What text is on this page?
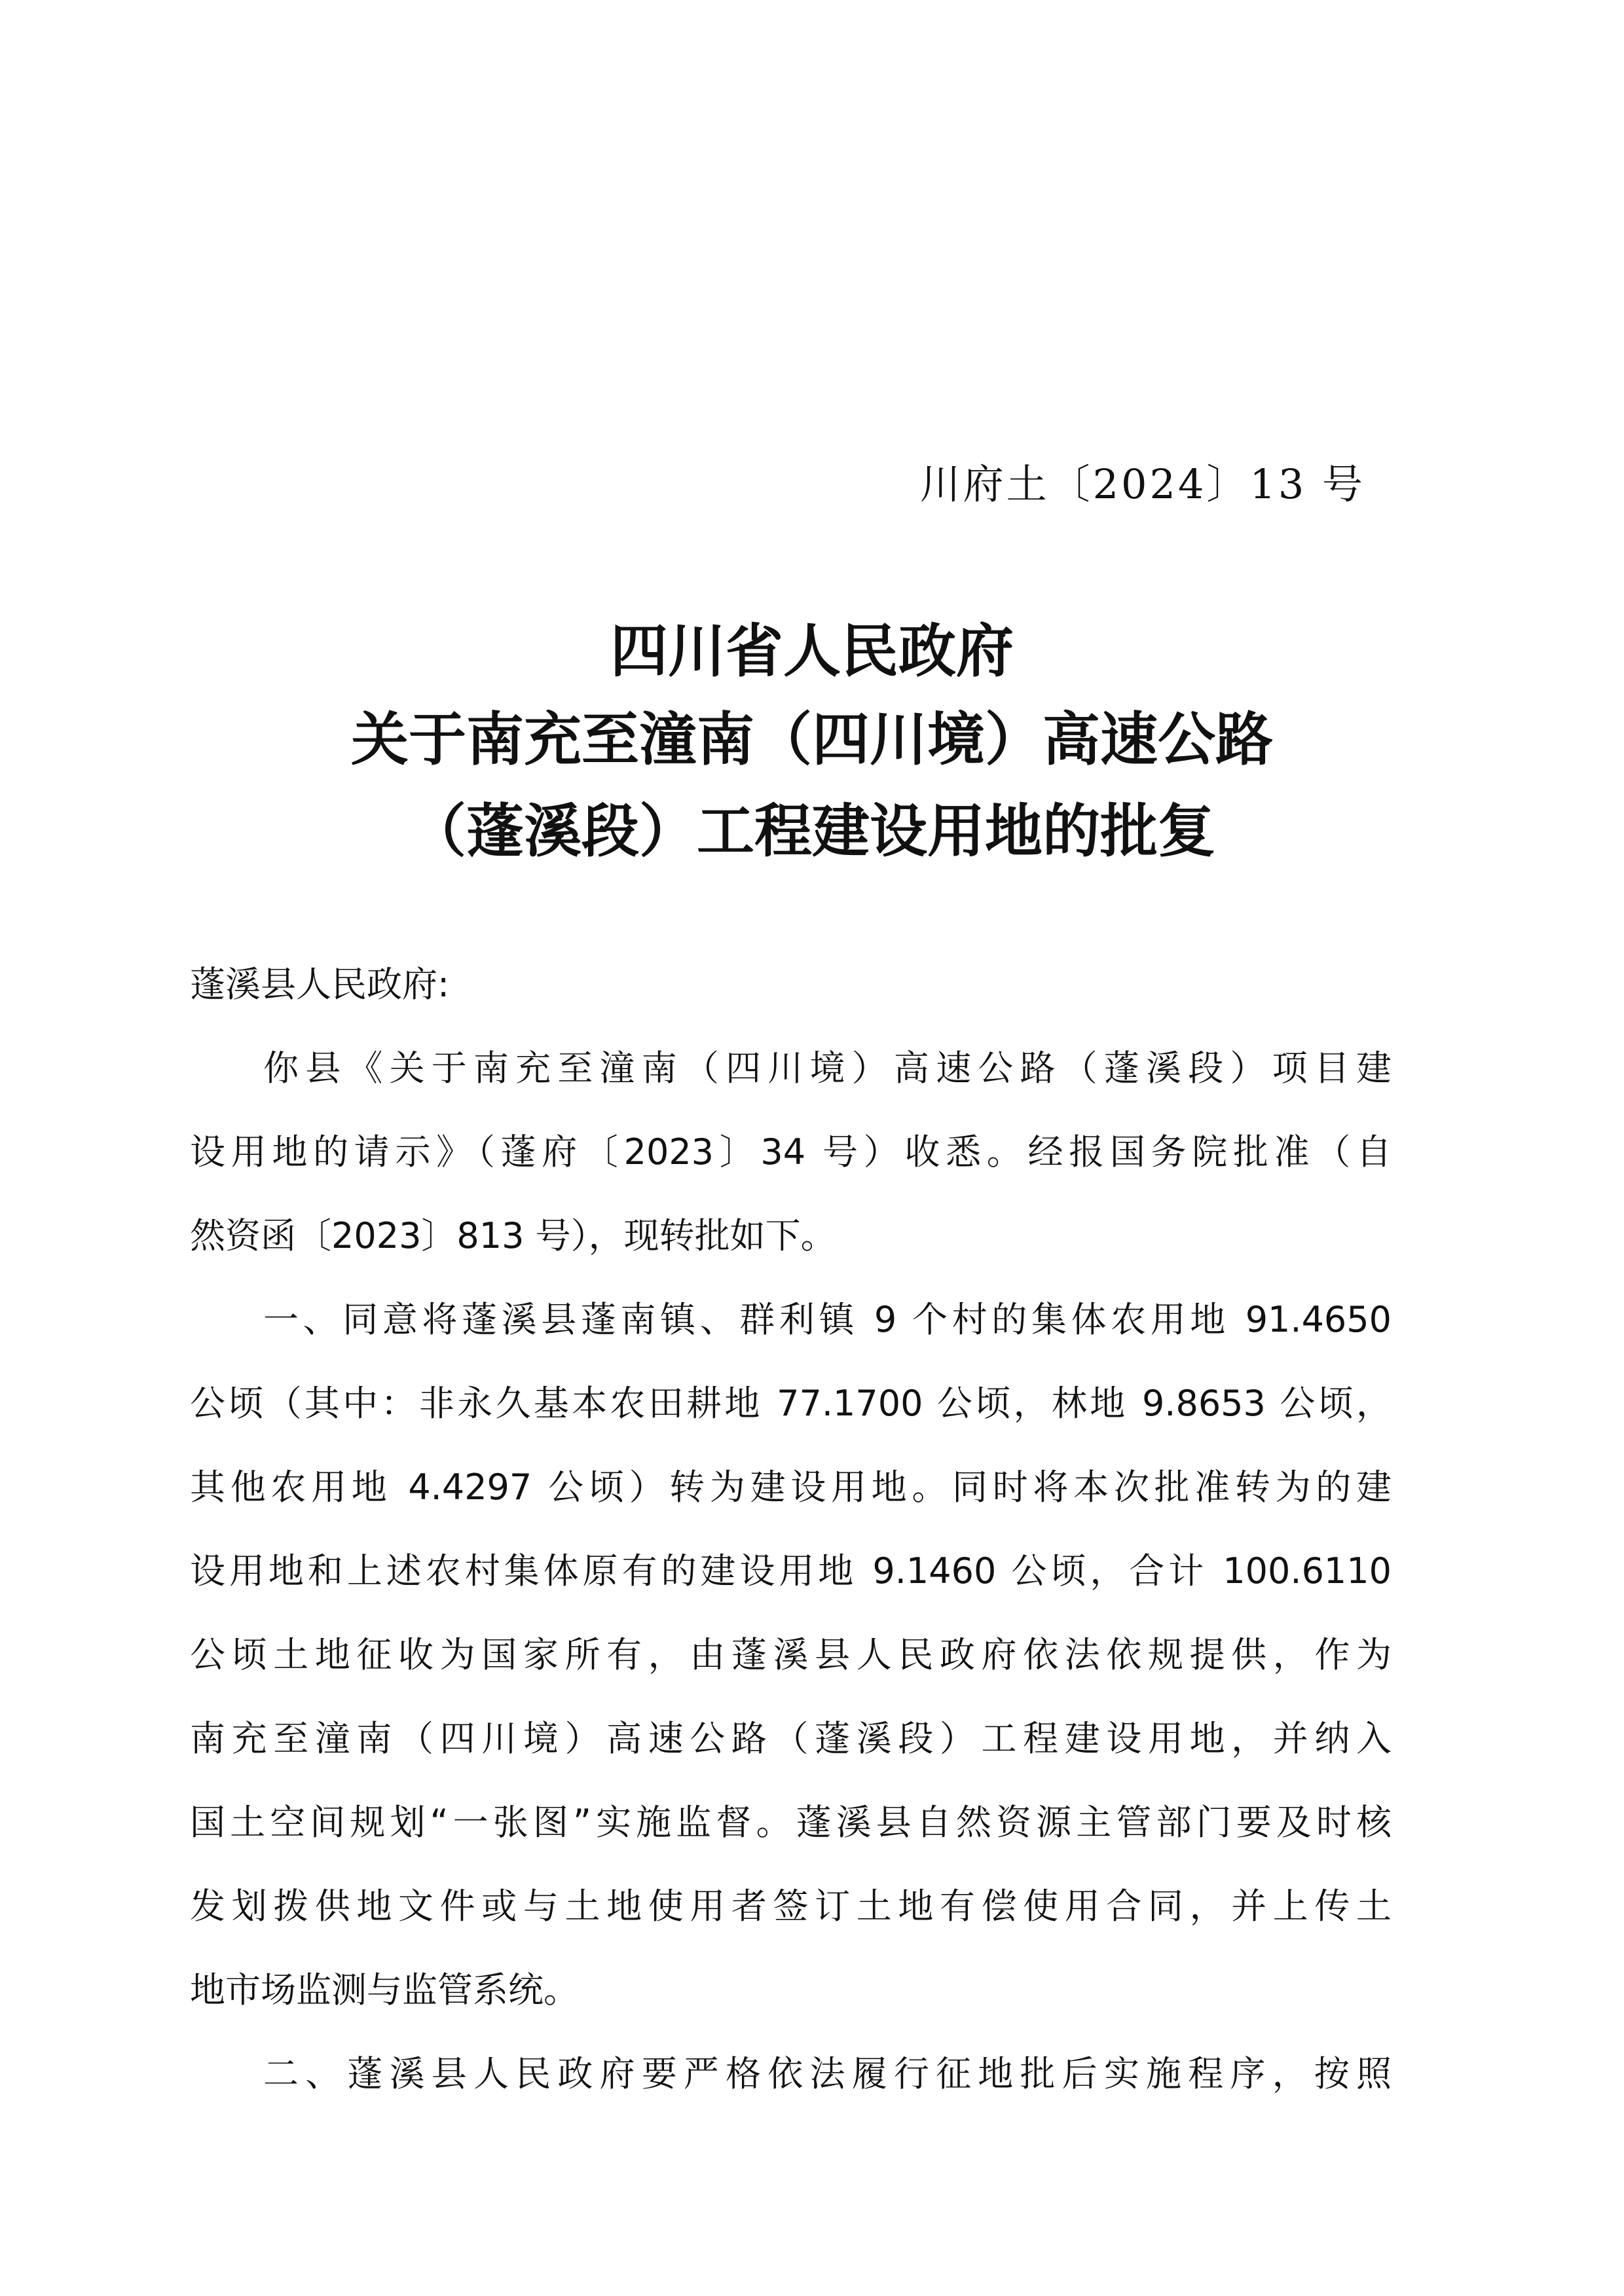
川府土〔2024〕13 号
四川省人民政府
关于南充至潼南（四川境）高速公路
（蓬溪段）工程建设用地的批复
蓬溪县人民政府:
你县《关于南充至潼南（四川境）高速公路（蓬溪段）项目建
设用地的请示》（蓬府〔2023〕34 号）收悉。经报国务院批准（自
然资函〔2023〕813 号），现转批如下。
一、同意将蓬溪县蓬南镇、群利镇 9 个村的集体农用地 91.4650
公顷（其中：非永久基本农田耕地 77.1700 公顷，林地 9.8653 公顷，
其他农用地 4.4297 公顷）转为建设用地。同时将本次批准转为的建
设用地和上述农村集体原有的建设用地 9.1460 公顷，合计 100.6110
公顷土地征收为国家所有，由蓬溪县人民政府依法依规提供，作为
南充至潼南（四川境）高速公路（蓬溪段）工程建设用地，并纳入
国土空间规划“一张图”实施监督。蓬溪县自然资源主管部门要及时核
发划拨供地文件或与土地使用者签订土地有偿使用合同，并上传土
地市场监测与监管系统。
二、蓬溪县人民政府要严格依法履行征地批后实施程序，按照
